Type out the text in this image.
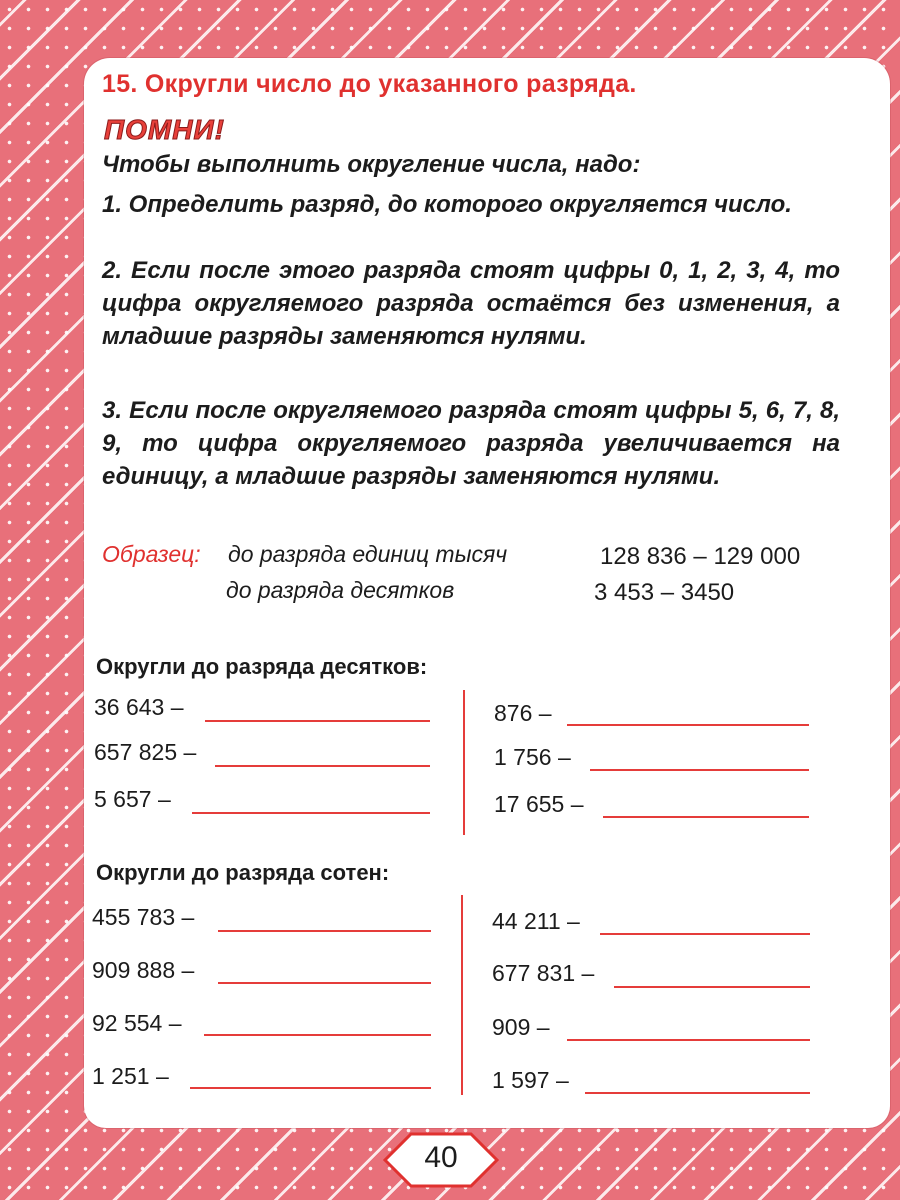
15. Округли число до указанного разряда.
ПОМНИ!

Чтобы выполнить округление числа, надо:

1. Определить разряд, до которого округляется число.

2. Если после этого разряда стоят цифры 0, 1, 2, 3, 4, то цифра округляемого разряда остаётся без изменения, а младшие разряды заменяются нулями.

3. Если после округляемого разряда стоят цифры 5, 6, 7, 8, 9, то цифра округляемого разряда увеличивается на единицу, а младшие разряды заменяются нулями.

Образец: до разряда единиц тысяч	128 836 – 129 000
до разряда десятков	3 453 – 3450
Округли до разряда десятков:
36 643 –
657 825 –
5 657 –
876 –
1 756 –
17 655 –
Округли до разряда сотен:
455 783 –
909 888 –
92 554 –
1 251 –
44 211 –
677 831 –
909 –
1 597 –
40
